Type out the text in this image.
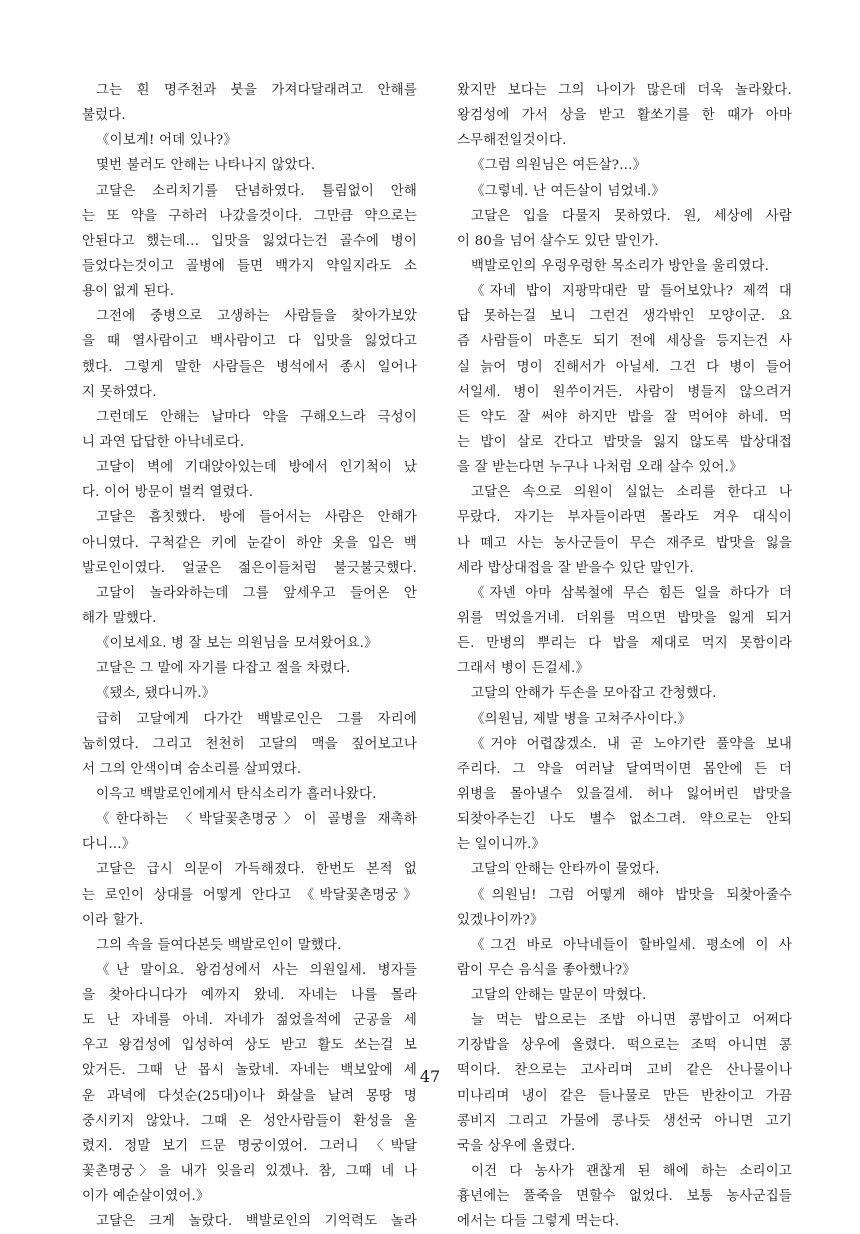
그는 흰 명주천과 붓을 가져다달래려고 안해를
불렀다.
《이보게! 어데 있나?》
몇번 불러도 안해는 나타나지 않았다.
고달은 소리치기를 단념하였다. 틀림없이 안해
는 또 약을 구하러 나갔을것이다. 그만큼 약으로는
안된다고 했는데… 입맛을 잃었다는건 골수에 병이
들었다는것이고 골병에 들면 백가지 약일지라도 소
용이 없게 된다.
그전에 중병으로 고생하는 사람들을 찾아가보았
을 때 열사람이고 백사람이고 다 입맛을 잃었다고
했다. 그렇게 말한 사람들은 병석에서 종시 일어나
지 못하였다.
그런데도 안해는 날마다 약을 구해오느라 극성이
니 과연 답답한 아낙네로다.
고달이 벽에 기대앉아있는데 방에서 인기척이 났
다. 이어 방문이 벌컥 열렸다.
고달은 흠칫했다. 방에 들어서는 사람은 안해가
아니였다. 구척같은 키에 눈같이 하얀 옷을 입은 백
발로인이였다. 얼굴은 젊은이들처럼 불긋불긋했다.
고달이 놀라와하는데 그를 앞세우고 들어온 안
해가 말했다.
《이보세요. 병 잘 보는 의원님을 모셔왔어요.》
고달은 그 말에 자기를 다잡고 절을 차렸다.
《됐소, 됐다니까.》
급히 고달에게 다가간 백발로인은 그를 자리에
눕히였다. 그리고 천천히 고달의 맥을 짚어보고나
서 그의 안색이며 숨소리를 살피였다.
이윽고 백발로인에게서 탄식소리가 흘러나왔다.
《한다하는 〈박달꽃촌명궁〉이 골병을 재촉하
다니…》
고달은 급시 의문이 가득해졌다. 한번도 본적 없
는 로인이 상대를 어떻게 안다고 《박달꽃촌명궁》
이라 할가.
그의 속을 들여다본듯 백발로인이 말했다.
《난 말이요. 왕검성에서 사는 의원일세. 병자들
을 찾아다니다가 예까지 왔네. 자네는 나를 몰라
도 난 자네를 아네. 자네가 젊었을적에 군공을 세
우고 왕검성에 입성하여 상도 받고 활도 쏘는걸 보
았거든. 그때 난 몹시 놀랐네. 자네는 백보앞에 세
운 과녁에 다섯순(25대)이나 화살을 날려 몽땅 명
중시키지 않았나. 그때 온 성안사람들이 환성을 올
렸지. 정말 보기 드문 명궁이였어. 그러니 〈박달
꽃촌명궁〉을 내가 잊을리 있겠나. 참, 그때 네 나
이가 예순살이였어.》
고달은 크게 놀랐다. 백발로인의 기억력도 놀라
왔지만 보다는 그의 나이가 많은데 더욱 놀라왔다.
왕검성에 가서 상을 받고 활쏘기를 한 때가 아마
스무해전일것이다.
《그럼 의원님은 여든살?…》
《그렇네. 난 여든살이 넘었네.》
고달은 입을 다물지 못하였다. 원, 세상에 사람
이 80을 넘어 살수도 있단 말인가.
백발로인의 우렁우렁한 목소리가 방안을 울리였다.
《자네 밥이 지팡막대란 말 들어보았나? 제꺽 대
답 못하는걸 보니 그런건 생각밖인 모양이군. 요
즘 사람들이 마흔도 되기 전에 세상을 등지는건 사
실 늙어 명이 진해서가 아닐세. 그건 다 병이 들어
서일세. 병이 원쑤이거든. 사람이 병들지 않으려거
든 약도 잘 써야 하지만 밥을 잘 먹어야 하네. 먹
는 밥이 살로 간다고 밥맛을 잃지 않도록 밥상대접
을 잘 받는다면 누구나 나처럼 오래 살수 있어.》
고달은 속으로 의원이 실없는 소리를 한다고 나
무랐다. 자기는 부자들이라면 몰라도 겨우 대식이
나 떼고 사는 농사군들이 무슨 재주로 밥맛을 잃을
세라 밥상대접을 잘 받을수 있단 말인가.
《자넨 아마 삼복철에 무슨 힘든 일을 하다가 더
위를 먹었을거네. 더위를 먹으면 밥맛을 잃게 되거
든. 만병의 뿌리는 다 밥을 제대로 먹지 못함이라
그래서 병이 든걸세.》
고달의 안해가 두손을 모아잡고 간청했다.
《의원님, 제발 병을 고쳐주사이다.》
《거야 어렵잖겠소. 내 곧 노야기란 풀약을 보내
주리다. 그 약을 여러날 달여먹이면 몸안에 든 더
위병을 몰아낼수 있을걸세. 허나 잃어버린 밥맛을
되찾아주는긴 나도 별수 없소그려. 약으로는 안되
는 일이니까.》
고달의 안해는 안타까이 물었다.
《의원님! 그럼 어떻게 해야 밥맛을 되찾아줄수
있겠나이까?》
《그건 바로 아낙네들이 할바일세. 평소에 이 사
람이 무슨 음식을 좋아했나?》
고달의 안해는 말문이 막혔다.
늘 먹는 밥으로는 조밥 아니면 콩밥이고 어쩌다
기장밥을 상우에 올렸다. 떡으로는 조떡 아니면 콩
떡이다. 찬으로는 고사리며 고비 같은 산나물이나
미나리며 냉이 같은 들나물로 만든 반찬이고 가끔
콩비지 그리고 가물에 콩나듯 생선국 아니면 고기
국을 상우에 올렸다.
이건 다 농사가 괜찮게 된 해에 하는 소리이고
흉년에는 풀죽을 면할수 없었다. 보통 농사군집들
에서는 다들 그렇게 먹는다.
47
